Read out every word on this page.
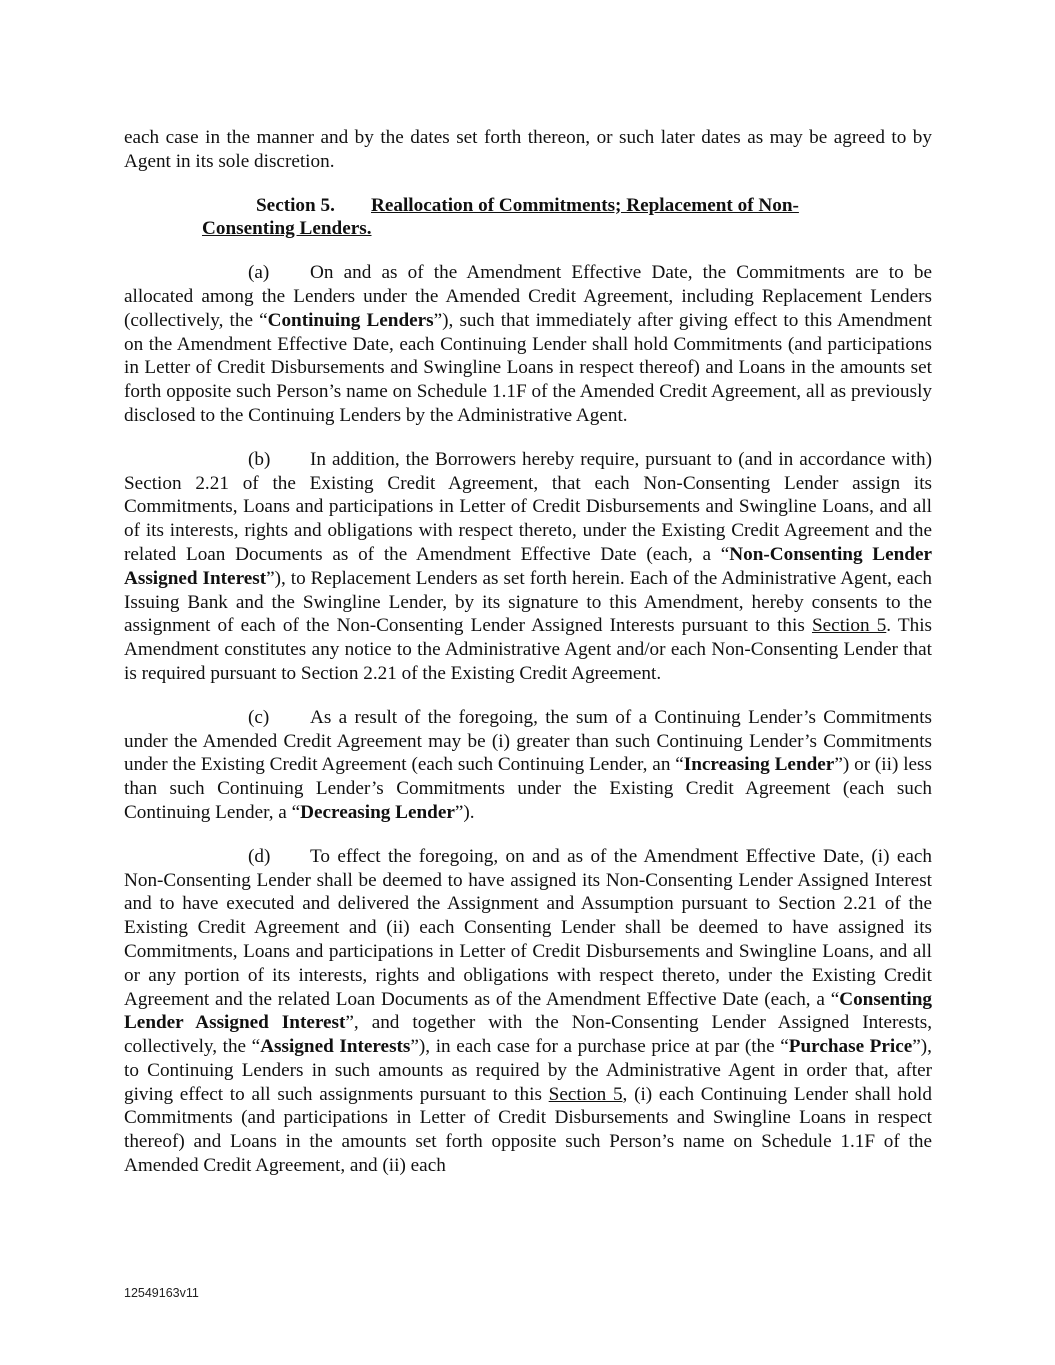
each case in the manner and by the dates set forth thereon, or such later dates as may be agreed to by Agent in its sole discretion.

Section 5. Reallocation of Commitments; Replacement of Non-Consenting Lenders.

(a) On and as of the Amendment Effective Date, the Commitments are to be allocated among the Lenders under the Amended Credit Agreement, including Replacement Lenders (collectively, the “Continuing Lenders”), such that immediately after giving effect to this Amendment on the Amendment Effective Date, each Continuing Lender shall hold Commitments (and participations in Letter of Credit Disbursements and Swingline Loans in respect thereof) and Loans in the amounts set forth opposite such Person’s name on Schedule 1.1F of the Amended Credit Agreement, all as previously disclosed to the Continuing Lenders by the Administrative Agent.

(b) In addition, the Borrowers hereby require, pursuant to (and in accordance with) Section 2.21 of the Existing Credit Agreement, that each Non-Consenting Lender assign its Commitments, Loans and participations in Letter of Credit Disbursements and Swingline Loans, and all of its interests, rights and obligations with respect thereto, under the Existing Credit Agreement and the related Loan Documents as of the Amendment Effective Date (each, a “Non-Consenting Lender Assigned Interest”), to Replacement Lenders as set forth herein. Each of the Administrative Agent, each Issuing Bank and the Swingline Lender, by its signature to this Amendment, hereby consents to the assignment of each of the Non-Consenting Lender Assigned Interests pursuant to this Section 5. This Amendment constitutes any notice to the Administrative Agent and/or each Non-Consenting Lender that is required pursuant to Section 2.21 of the Existing Credit Agreement.

(c) As a result of the foregoing, the sum of a Continuing Lender’s Commitments under the Amended Credit Agreement may be (i) greater than such Continuing Lender’s Commitments under the Existing Credit Agreement (each such Continuing Lender, an “Increasing Lender”) or (ii) less than such Continuing Lender’s Commitments under the Existing Credit Agreement (each such Continuing Lender, a “Decreasing Lender”).

(d) To effect the foregoing, on and as of the Amendment Effective Date, (i) each Non-Consenting Lender shall be deemed to have assigned its Non-Consenting Lender Assigned Interest and to have executed and delivered the Assignment and Assumption pursuant to Section 2.21 of the Existing Credit Agreement and (ii) each Consenting Lender shall be deemed to have assigned its Commitments, Loans and participations in Letter of Credit Disbursements and Swingline Loans, and all or any portion of its interests, rights and obligations with respect thereto, under the Existing Credit Agreement and the related Loan Documents as of the Amendment Effective Date (each, a “Consenting Lender Assigned Interest”, and together with the Non-Consenting Lender Assigned Interests, collectively, the “Assigned Interests”), in each case for a purchase price at par (the “Purchase Price”), to Continuing Lenders in such amounts as required by the Administrative Agent in order that, after giving effect to all such assignments pursuant to this Section 5, (i) each Continuing Lender shall hold Commitments (and participations in Letter of Credit Disbursements and Swingline Loans in respect thereof) and Loans in the amounts set forth opposite such Person’s name on Schedule 1.1F of the Amended Credit Agreement, and (ii) each

12549163v11
